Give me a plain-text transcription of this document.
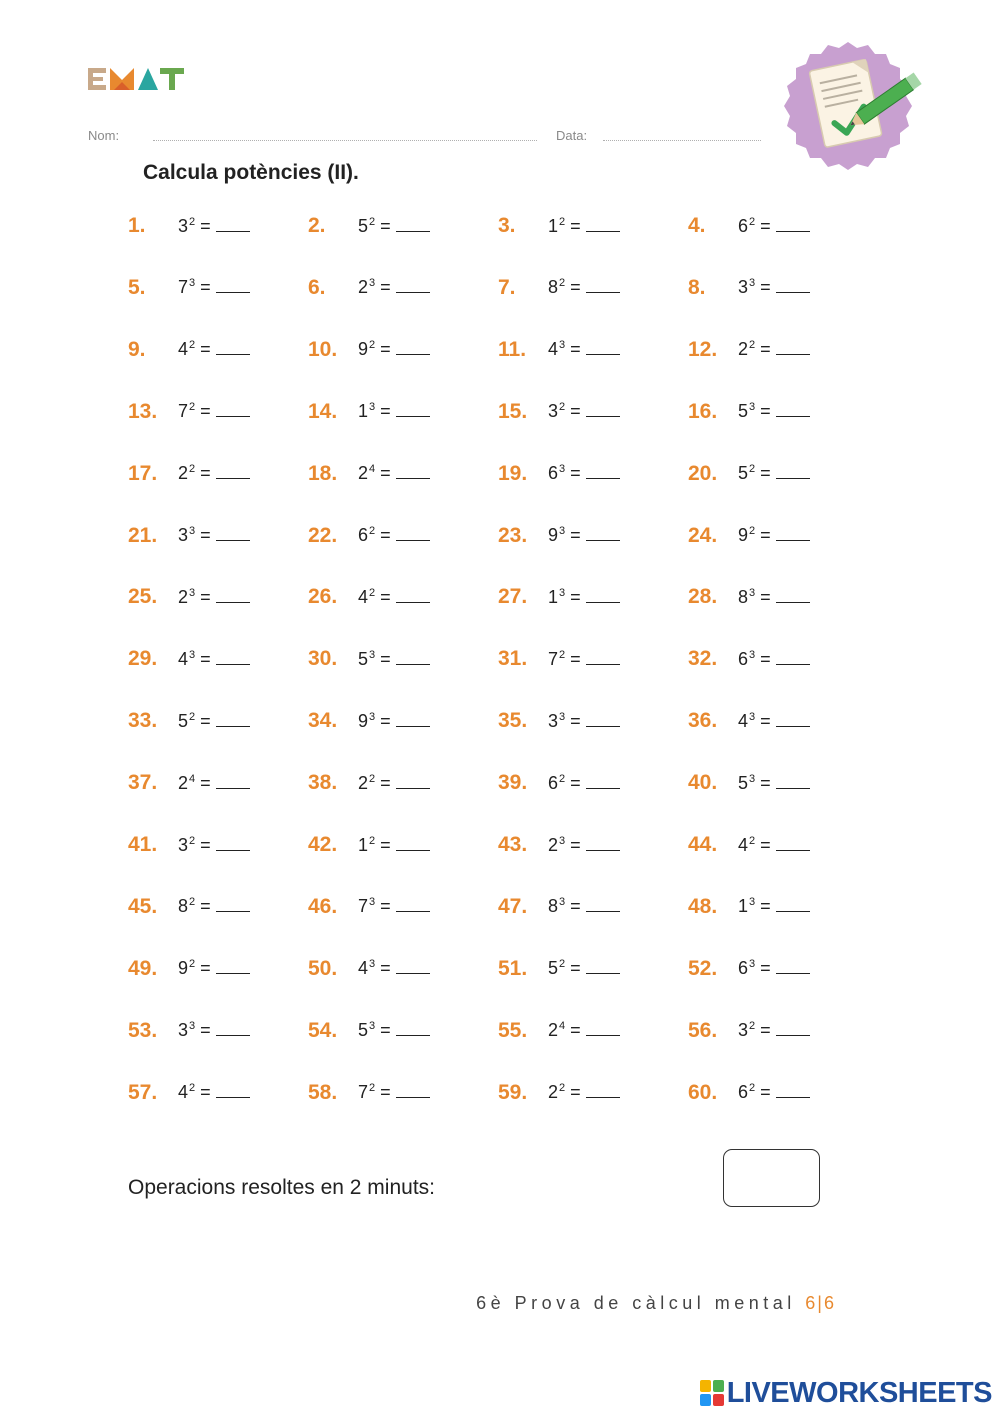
Nom:	Data:
Calcula potències (II).
1.	$3^2$ =	2.	$5^2$ =	3.	$1^2$ =	4.	$6^2$ =
5.	$7^3$ =	6.	$2^3$ =	7.	$8^2$ =	8.	$3^3$ =
9.	$4^2$ =	10.	$9^2$ =	11.	$4^3$ =	12.	$2^2$ =
13.	$7^2$ =	14.	$1^3$ =	15.	$3^2$ =	16.	$5^3$ =
17.	$2^2$ =	18.	$2^4$ =	19.	$6^3$ =	20.	$5^2$ =
21.	$3^3$ =	22.	$6^2$ =	23.	$9^3$ =	24.	$9^2$ =
25.	$2^3$ =	26.	$4^2$ =	27.	$1^3$ =	28.	$8^3$ =
29.	$4^3$ =	30.	$5^3$ =	31.	$7^2$ =	32.	$6^3$ =
33.	$5^2$ =	34.	$9^3$ =	35.	$3^3$ =	36.	$4^3$ =
37.	$2^4$ =	38.	$2^2$ =	39.	$6^2$ =	40.	$5^3$ =
41.	$3^2$ =	42.	$1^2$ =	43.	$2^3$ =	44.	$4^2$ =
45.	$8^2$ =	46.	$7^3$ =	47.	$8^3$ =	48.	$1^3$ =
49.	$9^2$ =	50.	$4^3$ =	51.	$5^2$ =	52.	$6^3$ =
53.	$3^3$ =	54.	$5^3$ =	55.	$2^4$ =	56.	$3^2$ =
57.	$4^2$ =	58.	$7^2$ =	59.	$2^2$ =	60.	$6^2$ =
Operacions resoltes en 2 minuts:
6è Prova de càlcul mental 6|6
LIVEWORKSHEETS
